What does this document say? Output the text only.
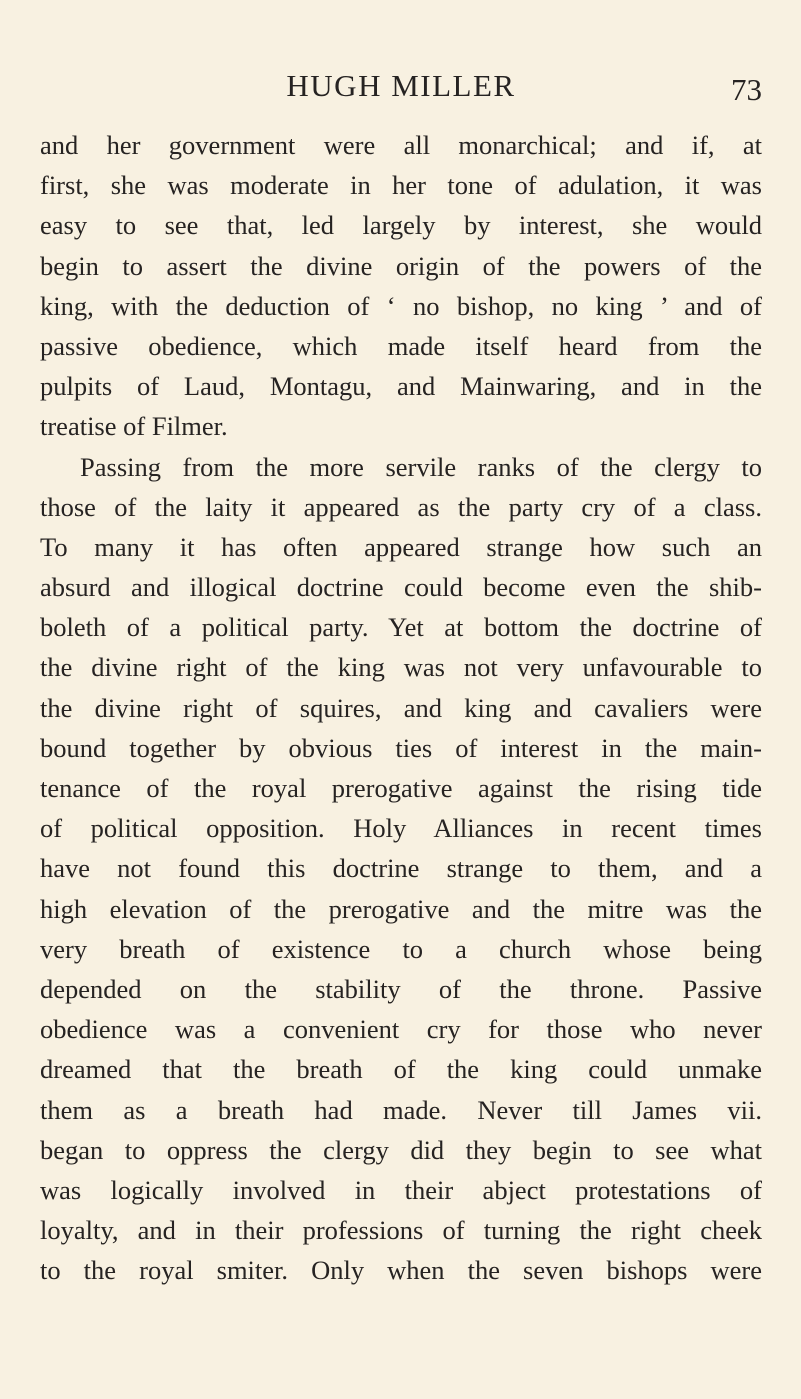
HUGH MILLER	73
and her government were all monarchical; and if, at
first, she was moderate in her tone of adulation, it was
easy to see that, led largely by interest, she would
begin to assert the divine origin of the powers of the
king, with the deduction of ‘ no bishop, no king ’ and of
passive obedience, which made itself heard from the
pulpits of Laud, Montagu, and Mainwaring, and in the
treatise of Filmer.
Passing from the more servile ranks of the clergy to
those of the laity it appeared as the party cry of a class.
To many it has often appeared strange how such an
absurd and illogical doctrine could become even the shib-
boleth of a political party. Yet at bottom the doctrine of
the divine right of the king was not very unfavourable to
the divine right of squires, and king and cavaliers were
bound together by obvious ties of interest in the main-
tenance of the royal prerogative against the rising tide
of political opposition. Holy Alliances in recent times
have not found this doctrine strange to them, and a
high elevation of the prerogative and the mitre was the
very breath of existence to a church whose being
depended on the stability of the throne. Passive
obedience was a convenient cry for those who never
dreamed that the breath of the king could unmake
them as a breath had made. Never till James vii.
began to oppress the clergy did they begin to see what
was logically involved in their abject protestations of
loyalty, and in their professions of turning the right cheek
to the royal smiter. Only when the seven bishops were
